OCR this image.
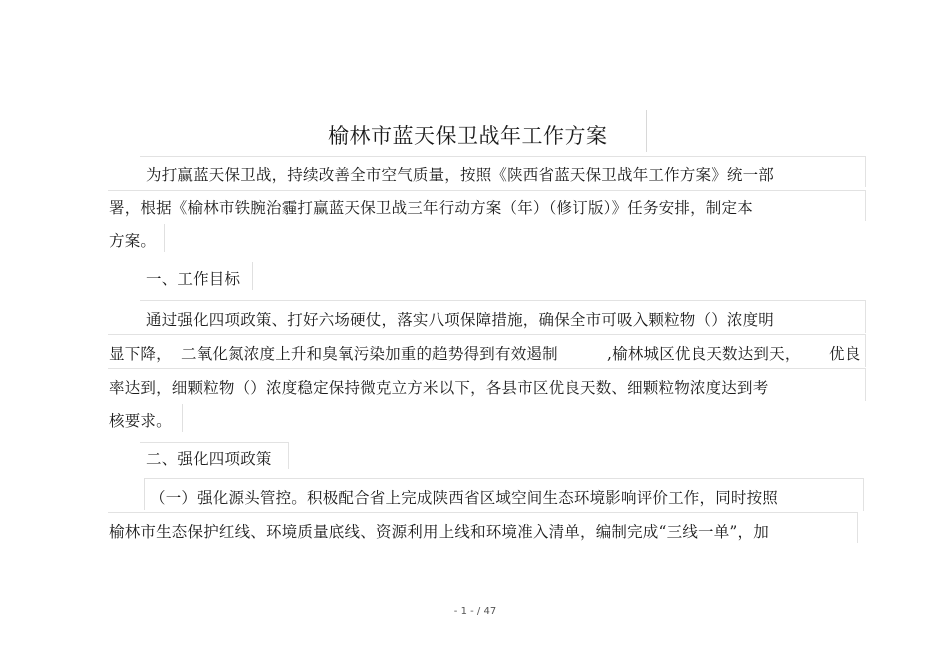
榆林市蓝天保卫战年工作方案
为打赢蓝天保卫战，持续改善全市空气质量，按照《陕西省蓝天保卫战年工作方案》统一部
署，根据《榆林市铁腕治霾打赢蓝天保卫战三年行动方案（年）（修订版）》任务安排，制定本
方案。
一、工作目标
通过强化四项政策、打好六场硬仗，落实八项保障措施，确保全市可吸入颗粒物（）浓度明
显下降， 二氧化氮浓度上升和臭氧污染加重的趋势得到有效遏制	,榆林城区优良天数达到天， 优良
率达到，细颗粒物（）浓度稳定保持微克立方米以下，各县市区优良天数、细颗粒物浓度达到考
核要求。
二、强化四项政策
（一）强化源头管控。积极配合省上完成陕西省区域空间生态环境影响评价工作，同时按照
榆林市生态保护红线、环境质量底线、资源利用上线和环境准入清单，编制完成“三线一单”，加
- 1 - / 47
